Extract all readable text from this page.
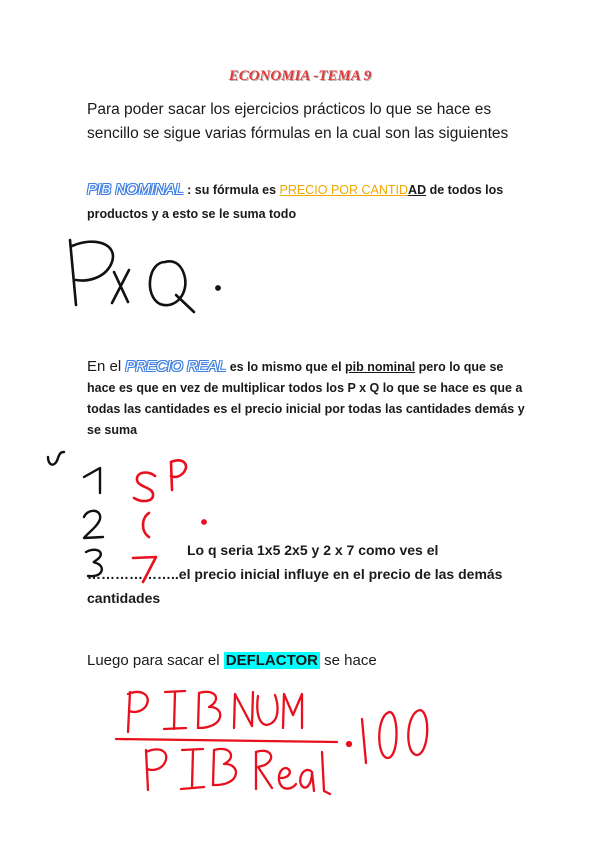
ECONOMIA -TEMA 9
Para poder sacar los ejercicios prácticos lo que se hace es sencillo se sigue varias fórmulas en la cual son las siguientes
PIB NOMINAL : su fórmula es PRECIO POR CANTIDAD de todos los productos y a esto se le suma todo
En el PRECIO REAL es lo mismo que el pib nominal pero lo que se hace es que en vez de multiplicar todos los P x Q lo que se hace es que a todas las cantidades es el precio inicial por todas las cantidades demás y se suma
Lo q seria 1x5 2x5 y 2 x 7 como ves el
………………..el precio inicial influye en el precio de las demás cantidades
Luego para sacar el DEFLACTOR se hace
